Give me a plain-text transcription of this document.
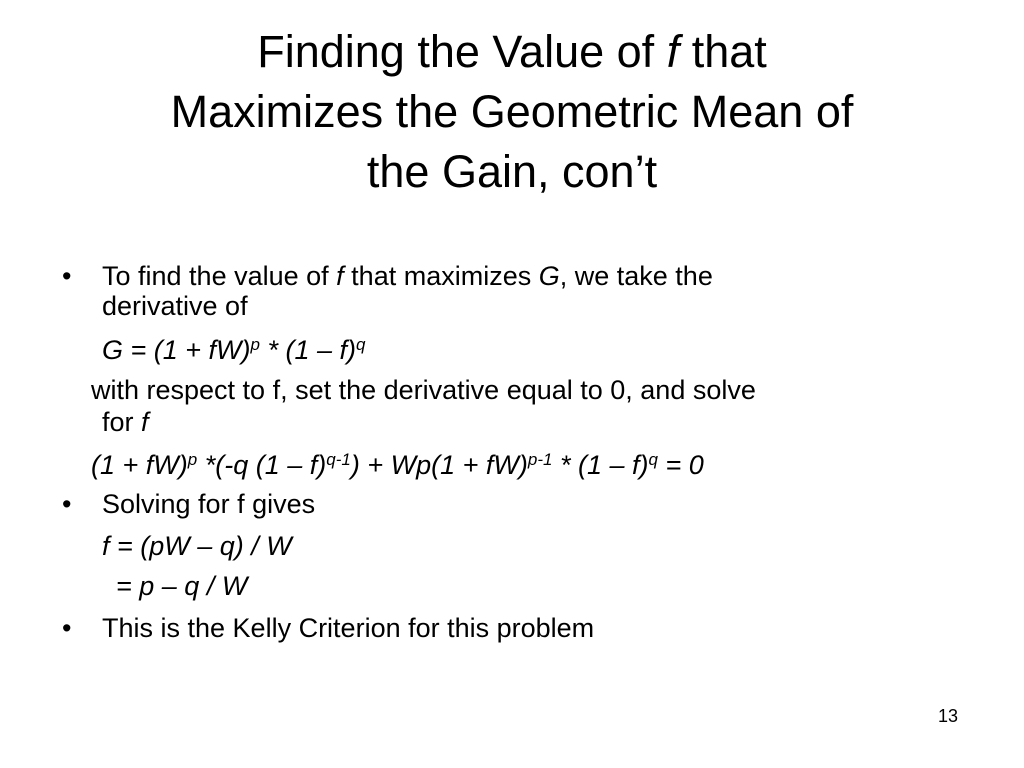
Finding the Value of f that
Maximizes the Geometric Mean of
the Gain, con’t
• To find the value of f that maximizes G, we take the
derivative of
G = (1 + fW)$^p$ * (1 – f)$^q$
with respect to f, set the derivative equal to 0, and solve
for f
(1 + fW)$^p$ *(-q (1 – f)$^{q-1}$) + Wp(1 + fW)$^{p-1}$ * (1 – f)$^q$ = 0
• Solving for f gives
f = (pW – q) / W
= p – q / W
• This is the Kelly Criterion for this problem
13
